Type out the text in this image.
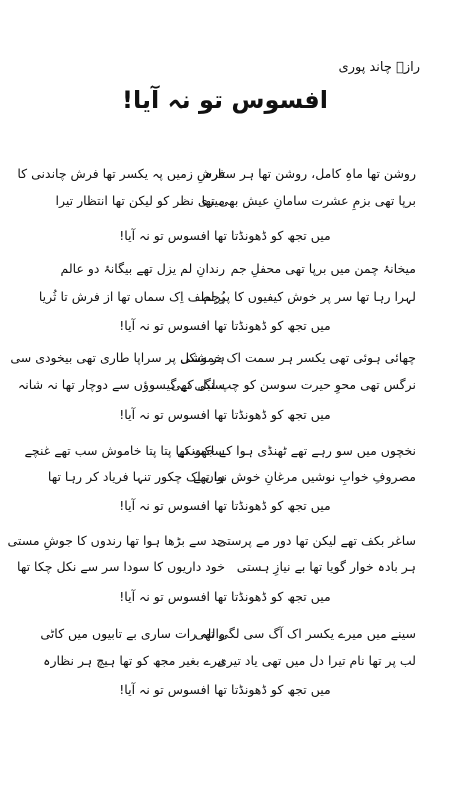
رازؔ چاند پوری
افسوس تو نہ آیا!
روشن تھا ماہِ کامل، روشن تھا ہر ستارہ
فرشِ زمیں پہ یکسر تھا فرش چاندنی کا
برپا تھی بزمِ عشرت سامانِ عیش بھی تھا
میری نظر کو لیکن تھا انتظار تیرا
میں تجھ کو ڈھونڈتا تھا افسوس تو نہ آیا!
میخانۂ چمن میں برپا تھی محفلِ جم
رندانِ لم یزل تھے بیگانۂ دو عالم
لہرا رہا تھا سر پر خوش کیفیوں کا پرچم
پُرلطف اِک سماں تھا از فرش تا ثُریا
میں تجھ کو ڈھونڈتا تھا افسوس تو نہ آیا!
چھائی ہوئی تھی یکسر ہر سمت اک خموشی
ہر شکل پر سراپا طاری تھی بیخودی سی
نرگس تھی محوِ حیرت سوسن کو چپ لگی تھی
سنبل کے گیسوؤں سے دوچار تھا نہ شانہ
میں تجھ کو ڈھونڈتا تھا افسوس تو نہ آیا!
نخچوں میں سو رہے تھے ٹھنڈی ہوا کے جھونکے
ساکت تھا پتا پتا خاموش سب تھے غنچے
مصروفِ خوابِ نوشیں مرغانِ خوش نوا تھے
ہاں اِک چکور تنہا فریاد کر رہا تھا
میں تجھ کو ڈھونڈتا تھا افسوس تو نہ آیا!
ساغر بکف تھے لیکن تھا دور مے پرستی
حد سے بڑھا ہوا تھا رندوں کا جوشِ مستی
ہر بادہ خوار گویا تھا بے نیازِ ہستی
خود داریوں کا سودا سر سے نکل چکا تھا
میں تجھ کو ڈھونڈتا تھا افسوس تو نہ آیا!
سینے میں میرے یکسر اک آگ سی لگی تھی
واللہ رات ساری بے تابیوں میں کاٹی
لب پر تھا نام تیرا دل میں تھی یاد تیری
تیرے بغیر مجھ کو تھا ہیچ ہر نظارہ
میں تجھ کو ڈھونڈتا تھا افسوس تو نہ آیا!
